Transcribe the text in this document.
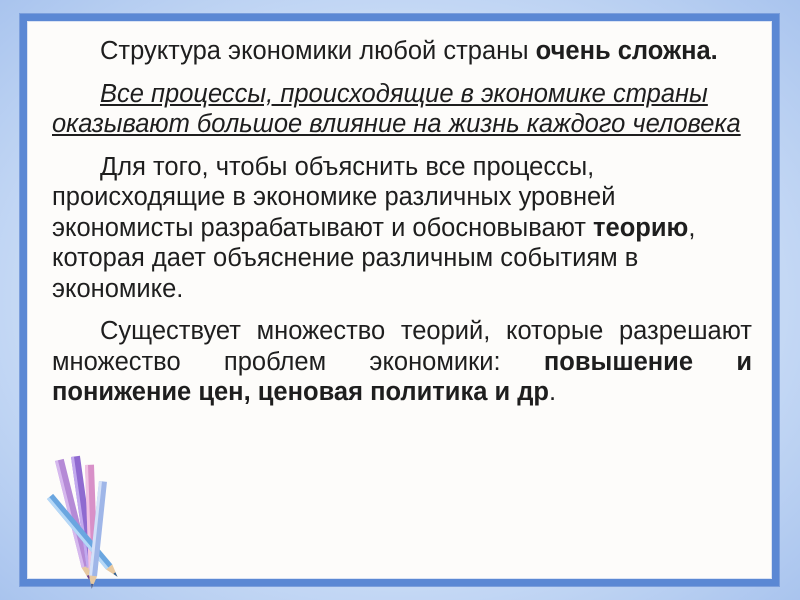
Структура экономики любой страны очень сложна.

Все процессы, происходящие в экономике страны оказывают большое влияние на жизнь каждого человека

Для того, чтобы объяснить все процессы, происходящие в экономике различных уровней экономисты разрабатывают и обосновывают теорию, которая дает объяснение различным событиям в экономике.

Существует множество теорий, которые разрешают множество проблем экономики: повышение и понижение цен, ценовая политика и др.
